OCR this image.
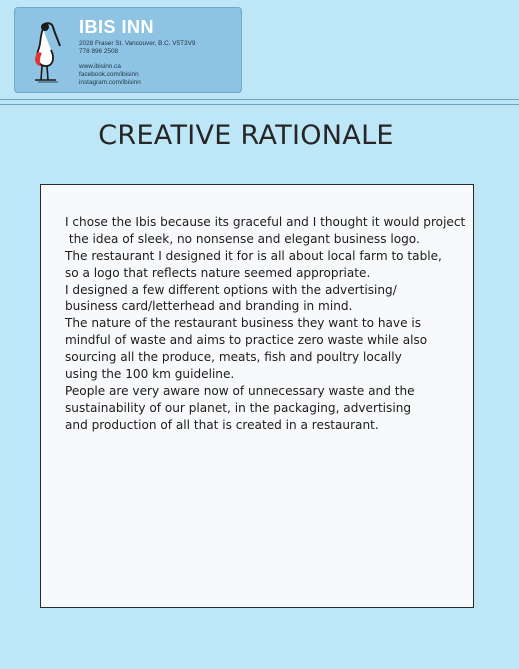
IBIS INN
2028 Fraser St. Vancouver, B.C. V5T3V9
778 896 2508
www.ibisinn.ca
facebook.com/ibisinn
instagram.com/ibisinn
CREATIVE RATIONALE
I chose the Ibis because its graceful and I thought it would project
the idea of sleek, no nonsense and elegant business logo.
The restaurant I designed it for is all about local farm to table,
so a logo that reflects nature seemed appropriate.
I designed a few different options with the advertising/
business card/letterhead and branding in mind.
The nature of the restaurant business they want to have is
mindful of waste and aims to practice zero waste while also
sourcing all the produce, meats, fish and poultry locally
using the 100 km guideline.
People are very aware now of unnecessary waste and the
sustainability of our planet, in the packaging, advertising
and production of all that is created in a restaurant.
